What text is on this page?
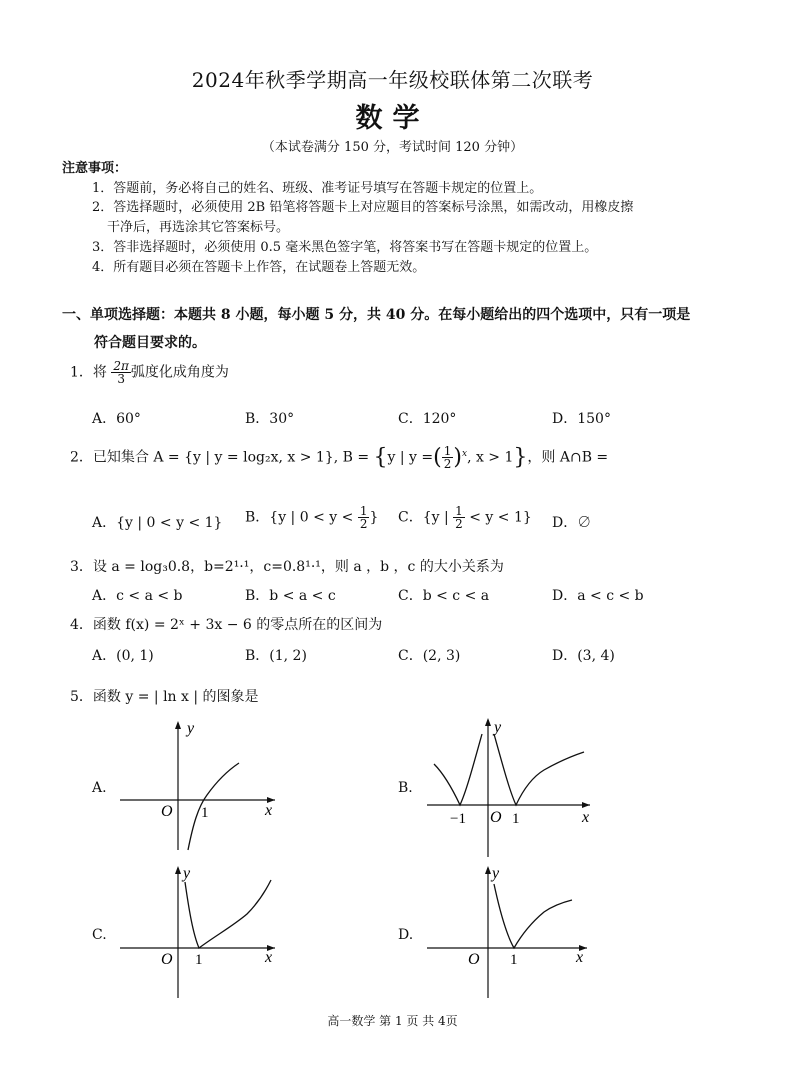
2024年秋季学期高一年级校联体第二次联考
数学
（本试卷满分 150 分，考试时间 120 分钟）
注意事项：
1．答题前，务必将自己的姓名、班级、准考证号填写在答题卡规定的位置上。
2．答选择题时，必须使用 2B 铅笔将答题卡上对应题目的答案标号涂黑，如需改动，用橡皮擦
干净后，再选涂其它答案标号。
3．答非选择题时，必须使用 0.5 毫米黑色签字笔，将答案书写在答题卡规定的位置上。
4．所有题目必须在答题卡上作答，在试题卷上答题无效。
一、单项选择题：本题共 8 小题，每小题 5 分，共 40 分。在每小题给出的四个选项中，只有一项是
符合题目要求的。
1．将 $\frac{2\pi}{3}$ 弧度化成角度为
A．60°	B．30°	C．120°	D．150°
2．已知集合 A = {y | y = log₂x, x > 1}, B = {y | y =( $\frac{1}{2} )^x$, x > 1}，则 A∩B =
A．{y | 0 < y < 1} B．{y | $0 < y < \frac{1}{2}$ } C．{y | $\frac{1}{2} < y < 1$} D．∅
3．设 a = log₃0.8，b=2¹·¹，c=0.8¹·¹，则 a ，b ，c 的大小关系为
A．c < a < b	B．b < a < c	C．b < c < a	D．a < c < b
4．函数 f(x) = 2ˣ + 3x − 6 的零点所在的区间为
A．(0, 1)	B．(1, 2)	C．(2, 3)	D．(3, 4)
5．函数 y = | ln x | 的图象是
A.
y
x
O 1
B.
y
x
O 1
−1
C.
y
x
O 1
D.
y
x
O 1
高一数学 第 1 页 共 4页
